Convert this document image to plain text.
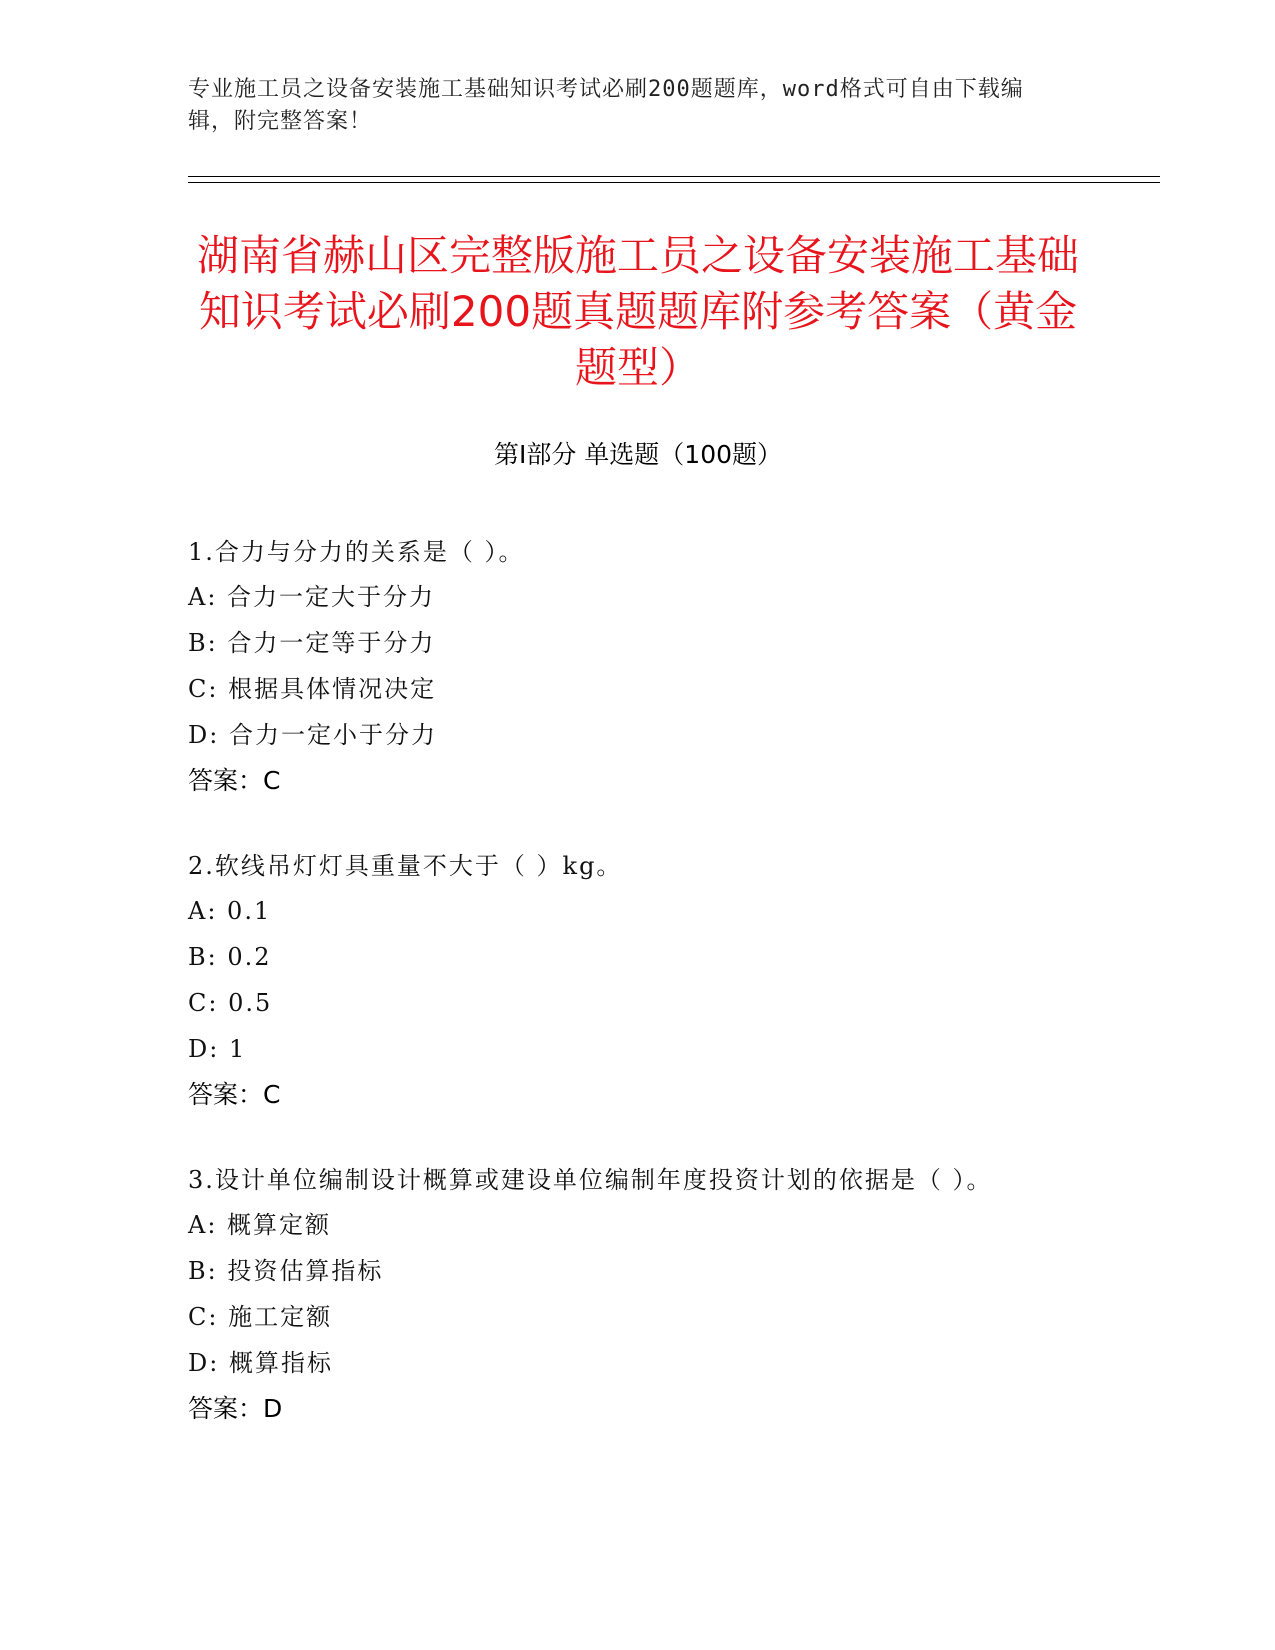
专业施工员之设备安装施工基础知识考试必刷200题题库，word格式可自由下载编辑，附完整答案！
湖南省赫山区完整版施工员之设备安装施工基础知识考试必刷200题真题题库附参考答案（黄金题型）
第Ⅰ部分 单选题（100题）
1.合力与分力的关系是（ ）。
A: 合力一定大于分力
B: 合力一定等于分力
C: 根据具体情况决定
D: 合力一定小于分力
答案：C
2.软线吊灯灯具重量不大于（ ）kg。
A: 0.1
B: 0.2
C: 0.5
D: 1
答案：C
3.设计单位编制设计概算或建设单位编制年度投资计划的依据是（ ）。
A: 概算定额
B: 投资估算指标
C: 施工定额
D: 概算指标
答案：D
